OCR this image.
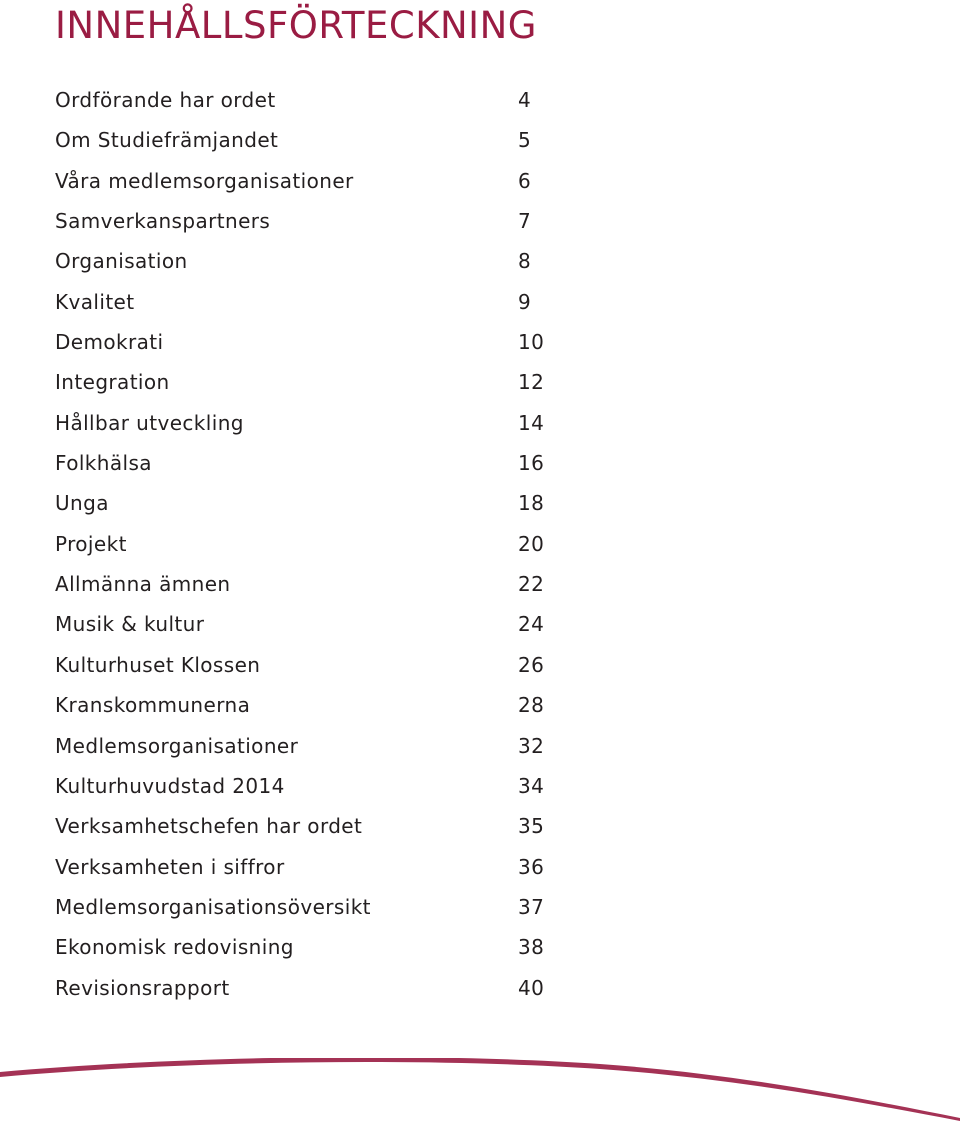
INNEHÅLLSFÖRTECKNING
Ordförande har ordet	4
Om Studiefrämjandet	5
Våra medlemsorganisationer	6
Samverkanspartners	7
Organisation	8
Kvalitet	9
Demokrati	10
Integration	12
Hållbar utveckling	14
Folkhälsa	16
Unga	18
Projekt	20
Allmänna ämnen	22
Musik & kultur	24
Kulturhuset Klossen	26
Kranskommunerna	28
Medlemsorganisationer	32
Kulturhuvudstad 2014	34
Verksamhetschefen har ordet	35
Verksamheten i siffror	36
Medlemsorganisationsöversikt	37
Ekonomisk redovisning	38
Revisionsrapport	40
